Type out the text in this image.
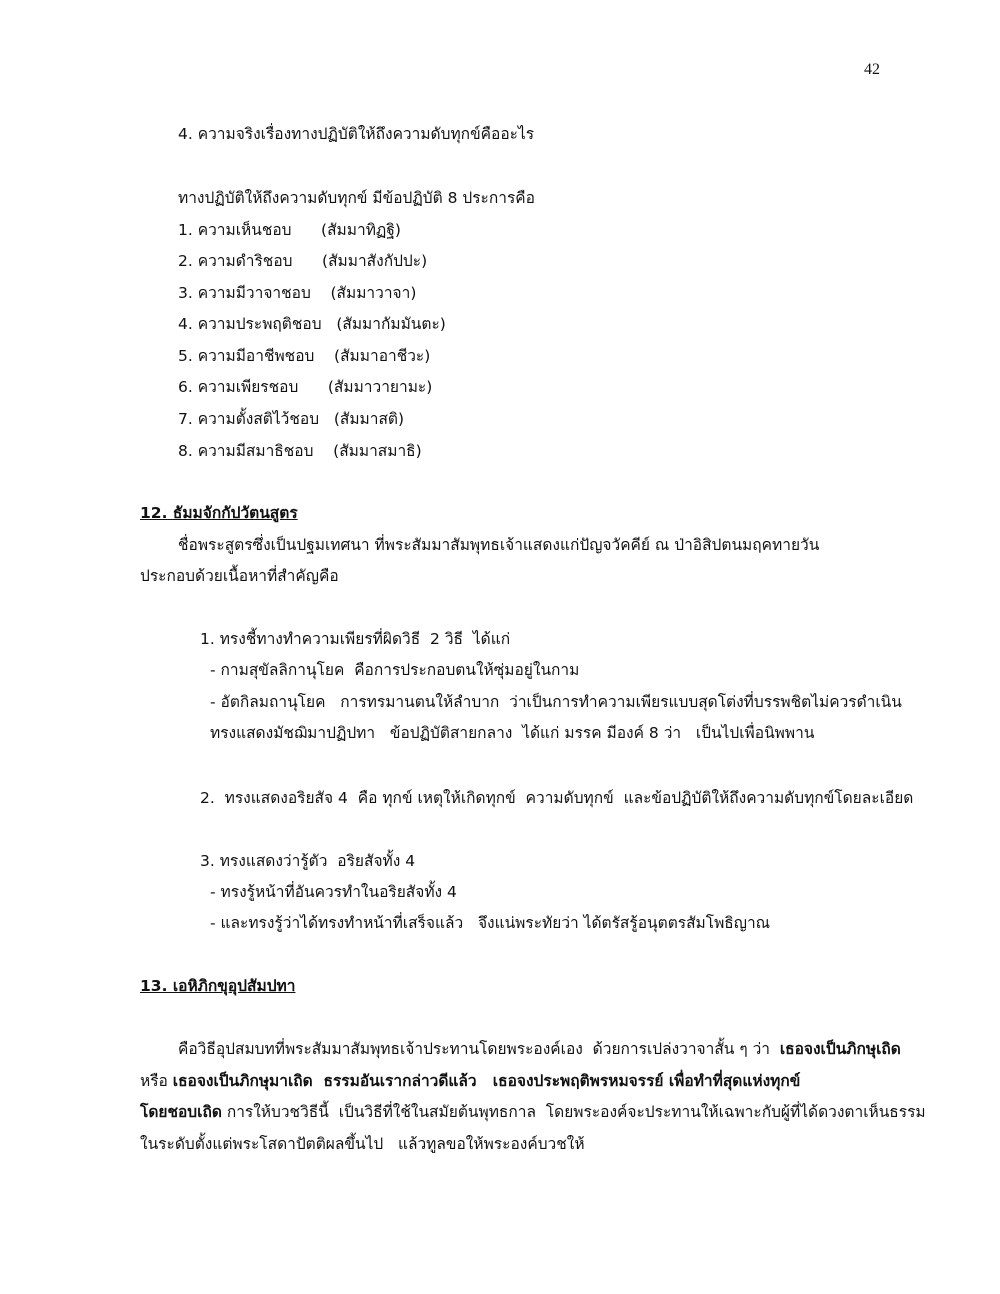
42
4. ความจริงเรื่องทางปฏิบัติให้ถึงความดับทุกข์คืออะไร
ทางปฏิบัติให้ถึงความดับทุกข์ มีข้อปฏิบัติ 8 ประการคือ
1. ความเห็นชอบ      (สัมมาทิฏฐิ)
2. ความดำริชอบ      (สัมมาสังกัปปะ)
3. ความมีวาจาชอบ    (สัมมาวาจา)
4. ความประพฤติชอบ   (สัมมากัมมันตะ)
5. ความมีอาชีพชอบ    (สัมมาอาชีวะ)
6. ความเพียรชอบ      (สัมมาวายามะ)
7. ความตั้งสติไว้ชอบ   (สัมมาสติ)
8. ความมีสมาธิชอบ    (สัมมาสมาธิ)
12. ธัมมจักกัปวัตนสูตร
ชื่อพระสูตรซึ่งเป็นปฐมเทศนา ที่พระสัมมาสัมพุทธเจ้าแสดงแก่ปัญจวัคคีย์ ณ ป่าอิสิปตนมฤคทายวัน
ประกอบด้วยเนื้อหาที่สำคัญคือ
1. ทรงชี้ทางทำความเพียรที่ผิดวิธี  2 วิธี  ได้แก่
- กามสุขัลลิกานุโยค  คือการประกอบตนให้ซุ่มอยู่ในกาม
- อัตกิลมถานุโยค   การทรมานตนให้ลำบาก  ว่าเป็นการทำความเพียรแบบสุดโต่งที่บรรพชิตไม่ควรดำเนิน
ทรงแสดงมัชฌิมาปฏิปทา   ข้อปฏิบัติสายกลาง  ได้แก่ มรรค มีองค์ 8 ว่า   เป็นไปเพื่อนิพพาน
2.  ทรงแสดงอริยสัจ 4  คือ ทุกข์ เหตุให้เกิดทุกข์  ความดับทุกข์  และข้อปฏิบัติให้ถึงความดับทุกข์โดยละเอียด
3. ทรงแสดงว่ารู้ตัว  อริยสัจทั้ง 4
- ทรงรู้หน้าที่อันควรทำในอริยสัจทั้ง 4
- และทรงรู้ว่าได้ทรงทำหน้าที่เสร็จแล้ว   จึงแน่พระทัยว่า ได้ตรัสรู้อนุตตรสัมโพธิญาณ
13. เอหิภิกขุอุปสัมปทา
คือวิธีอุปสมบทที่พระสัมมาสัมพุทธเจ้าประทานโดยพระองค์เอง  ด้วยการเปล่งวาจาสั้น ๆ ว่า  เธอจงเป็นภิกษุเถิด
หรือ เธอจงเป็นภิกษุมาเถิด  ธรรมอันเรากล่าวดีแล้ว   เธอจงประพฤติพรหมจรรย์ เพื่อทำที่สุดแห่งทุกข์
โดยชอบเถิด การให้บวชวิธีนี้  เป็นวิธีที่ใช้ในสมัยต้นพุทธกาล  โดยพระองค์จะประทานให้เฉพาะกับผู้ที่ได้ดวงตาเห็นธรรม
ในระดับตั้งแต่พระโสดาปัตติผลขึ้นไป   แล้วทูลขอให้พระองค์บวชให้
